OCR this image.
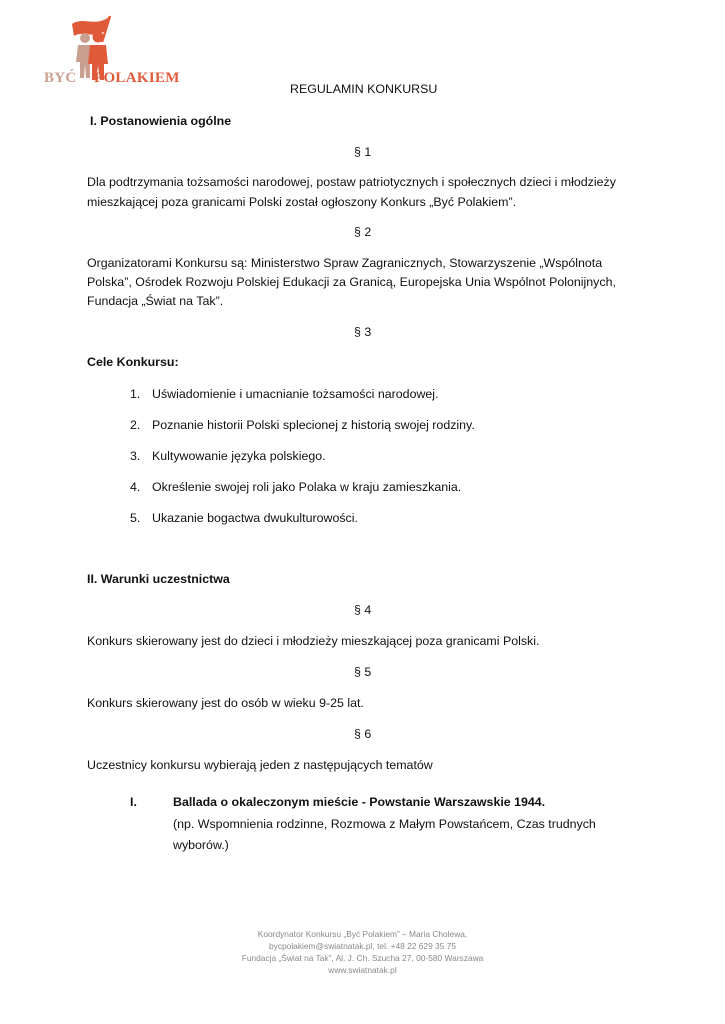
BYĆ POLAKIEM
REGULAMIN KONKURSU
I. Postanowienia ogólne
§ 1
Dla podtrzymania tożsamości narodowej, postaw patriotycznych i społecznych dzieci i młodzieży
mieszkającej poza granicami Polski został ogłoszony Konkurs „Być Polakiem”.
§ 2
Organizatorami Konkursu są: Ministerstwo Spraw Zagranicznych, Stowarzyszenie „Wspólnota
Polska”, Ośrodek Rozwoju Polskiej Edukacji za Granicą, Europejska Unia Wspólnot Polonijnych,
Fundacja „Świat na Tak”.
§ 3
Cele Konkursu:
1. Uświadomienie i umacnianie tożsamości narodowej.
2. Poznanie historii Polski splecionej z historią swojej rodziny.
3. Kultywowanie języka polskiego.
4. Określenie swojej roli jako Polaka w kraju zamieszkania.
5. Ukazanie bogactwa dwukulturowości.
II. Warunki uczestnictwa
§ 4
Konkurs skierowany jest do dzieci i młodzieży mieszkającej poza granicami Polski.
§ 5
Konkurs skierowany jest do osób w wieku 9-25 lat.
§ 6
Uczestnicy konkursu wybierają jeden z następujących tematów
I.	Ballada o okaleczonym mieście - Powstanie Warszawskie 1944.
(np. Wspomnienia rodzinne, Rozmowa z Małym Powstańcem, Czas trudnych
wyborów.)
Koordynator Konkursu „Być Polakiem” – Maria Cholewa,
bycpolakiem@swiatnatak.pl, tel. +48 22 629 35 75
Fundacja „Świat na Tak”, Al. J. Ch. Szucha 27, 00-580 Warszawa
www.swiatnatak.pl
